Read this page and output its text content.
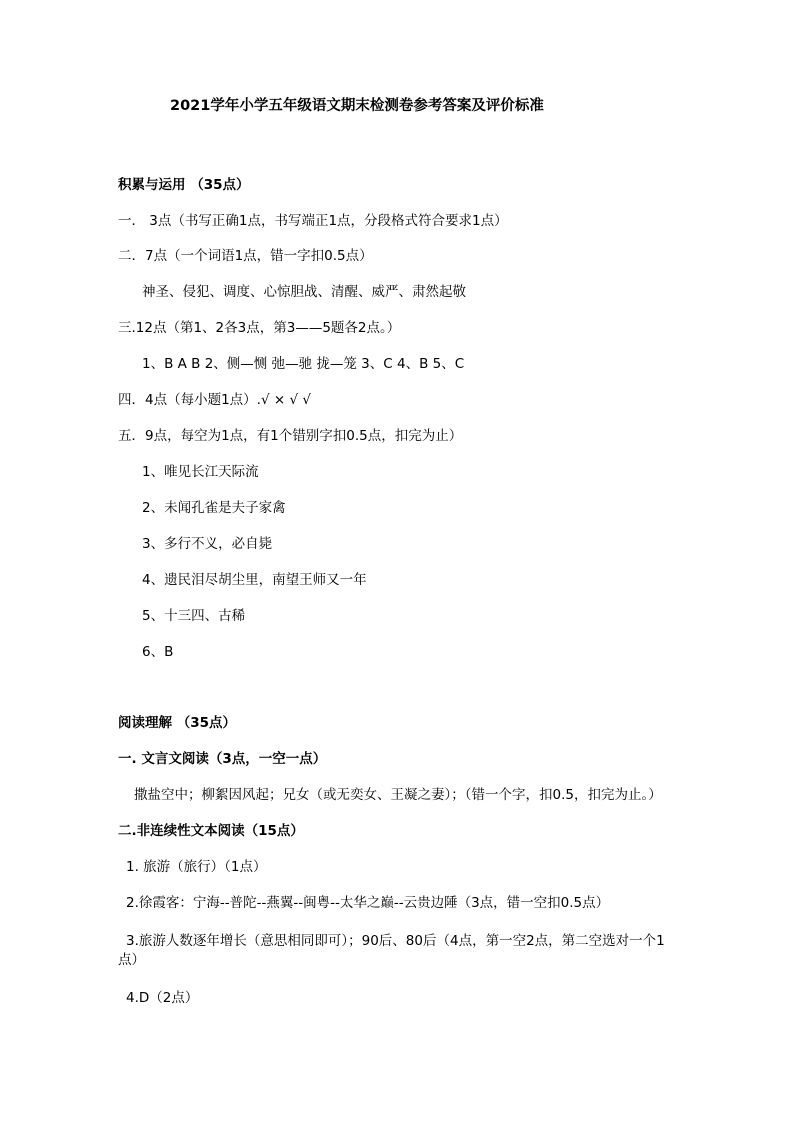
2021学年小学五年级语文期末检测卷参考答案及评价标准
积累与运用 （35点）
一． 3点（书写正确1点，书写端正1点，分段格式符合要求1点）
二．7点（一个词语1点，错一字扣0.5点）
神圣、侵犯、调度、心惊胆战、清醒、威严、肃然起敬
三.12点（第1、2各3点，第3——5题各2点。）
1、B A B 2、侧—恻 弛—驰 拢—笼 3、C 4、B 5、C
四．4点（每小题1点）.√ × √ √
五．9点，每空为1点，有1个错别字扣0.5点，扣完为止）
1、唯见长江天际流
2、未闻孔雀是夫子家禽
3、多行不义，必自毙
4、遗民泪尽胡尘里，南望王师又一年
5、十三四、古稀
6、B
阅读理解 （35点）
一. 文言文阅读（3点，一空一点）
撒盐空中；柳絮因风起；兄女（或无奕女、王凝之妻）；（错一个字，扣0.5，扣完为止。）
二.非连续性文本阅读（15点）
1. 旅游（旅行）（1点）
2.徐霞客：宁海--普陀--燕翼--闽粤--太华之巅--云贵边陲（3点，错一空扣0.5点）
3.旅游人数逐年增长（意思相同即可）；90后、80后（4点，第一空2点，第二空选对一个1点）
4.D（2点）
